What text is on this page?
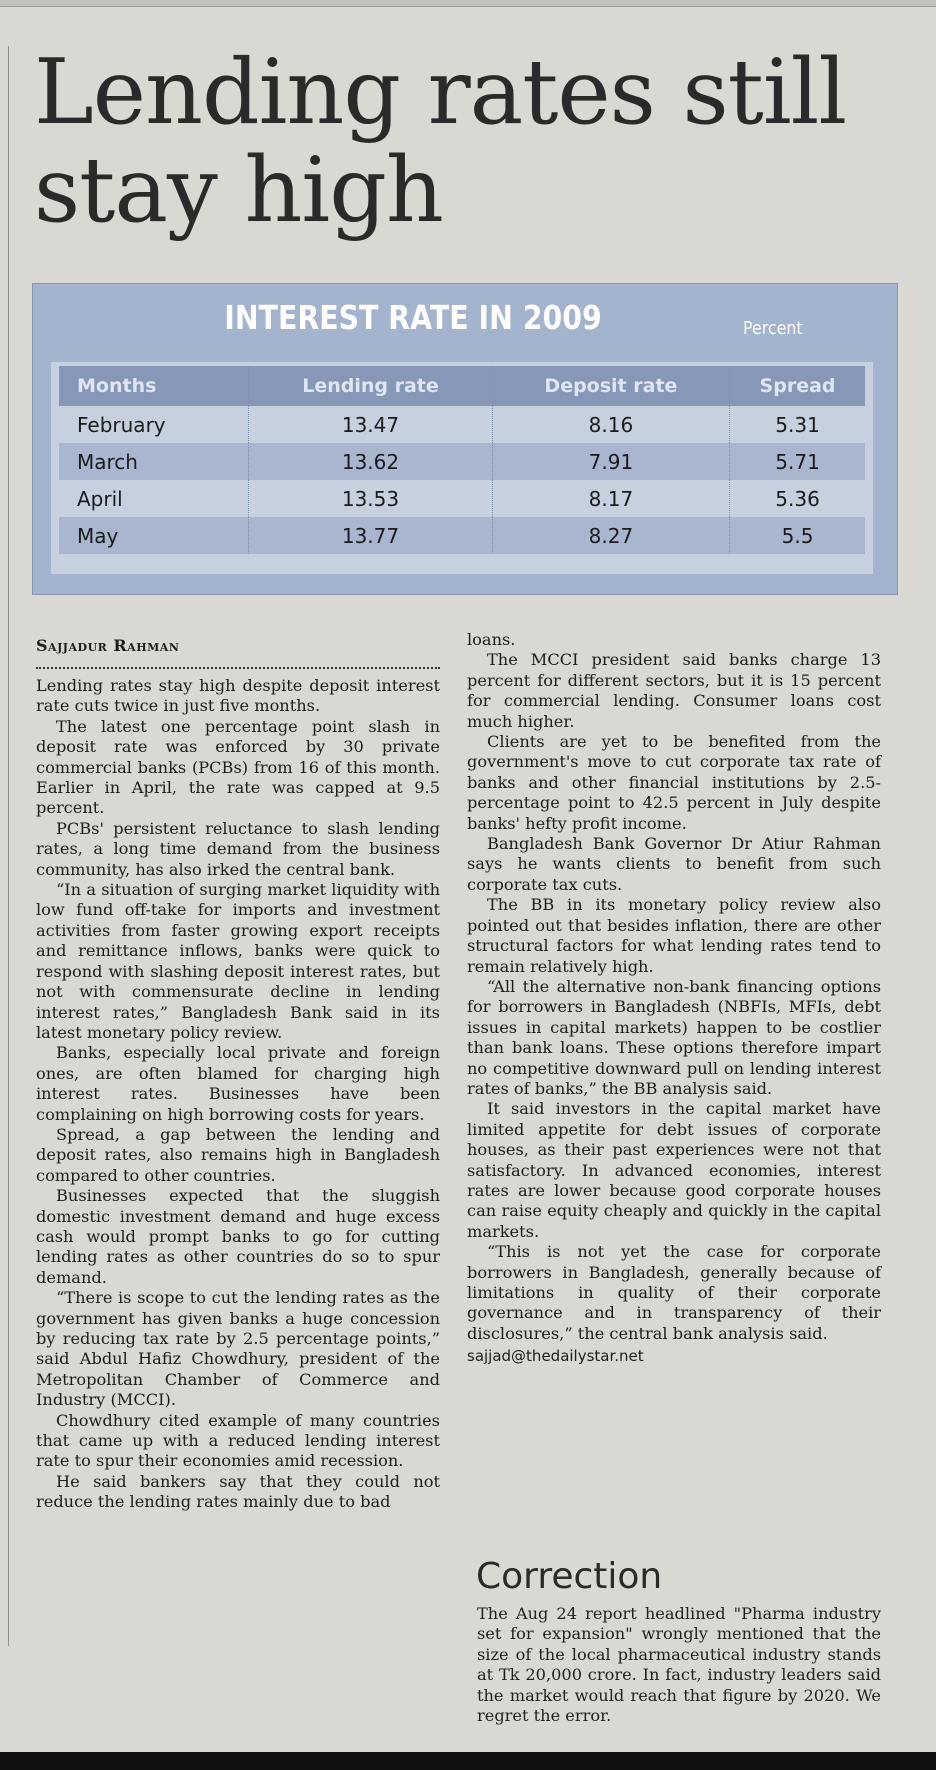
Lending rates still stay high
INTEREST RATE IN 2009	Percent
Months	Lending rate	Deposit rate	Spread
February	13.47	8.16	5.31
March	13.62	7.91	5.71
April	13.53	8.17	5.36
May	13.77	8.27	5.5
Sajjadur Rahman

Lending rates stay high despite deposit interest rate cuts twice in just five months.

The latest one percentage point slash in deposit rate was enforced by 30 private commercial banks (PCBs) from 16 of this month. Earlier in April, the rate was capped at 9.5 percent.

PCBs' persistent reluctance to slash lending rates, a long time demand from the business community, has also irked the central bank.

“In a situation of surging market liquidity with low fund off-take for imports and investment activities from faster growing export receipts and remittance inflows, banks were quick to respond with slashing deposit interest rates, but not with commensurate decline in lending interest rates,” Bangladesh Bank said in its latest monetary policy review.

Banks, especially local private and foreign ones, are often blamed for charging high interest rates. Businesses have been complaining on high borrowing costs for years.

Spread, a gap between the lending and deposit rates, also remains high in Bangladesh compared to other countries.

Businesses expected that the sluggish domestic investment demand and huge excess cash would prompt banks to go for cutting lending rates as other countries do so to spur demand.

“There is scope to cut the lending rates as the government has given banks a huge concession by reducing tax rate by 2.5 percentage points,” said Abdul Hafiz Chowdhury, president of the Metropolitan Chamber of Commerce and Industry (MCCI).

Chowdhury cited example of many countries that came up with a reduced lending interest rate to spur their economies amid recession.

He said bankers say that they could not reduce the lending rates mainly due to bad

loans.

The MCCI president said banks charge 13 percent for different sectors, but it is 15 percent for commercial lending. Consumer loans cost much higher.

Clients are yet to be benefited from the government's move to cut corporate tax rate of banks and other financial institutions by 2.5-percentage point to 42.5 percent in July despite banks' hefty profit income.

Bangladesh Bank Governor Dr Atiur Rahman says he wants clients to benefit from such corporate tax cuts.

The BB in its monetary policy review also pointed out that besides inflation, there are other structural factors for what lending rates tend to remain relatively high.

“All the alternative non-bank financing options for borrowers in Bangladesh (NBFIs, MFIs, debt issues in capital markets) happen to be costlier than bank loans. These options therefore impart no competitive downward pull on lending interest rates of banks,” the BB analysis said.

It said investors in the capital market have limited appetite for debt issues of corporate houses, as their past experiences were not that satisfactory. In advanced economies, interest rates are lower because good corporate houses can raise equity cheaply and quickly in the capital markets.

“This is not yet the case for corporate borrowers in Bangladesh, generally because of limitations in quality of their corporate governance and in transparency of their disclosures,” the central bank analysis said.

sajjad@thedailystar.net

Correction

The Aug 24 report headlined "Pharma industry set for expansion" wrongly mentioned that the size of the local pharmaceutical industry stands at Tk 20,000 crore. In fact, industry leaders said the market would reach that figure by 2020. We regret the error.
